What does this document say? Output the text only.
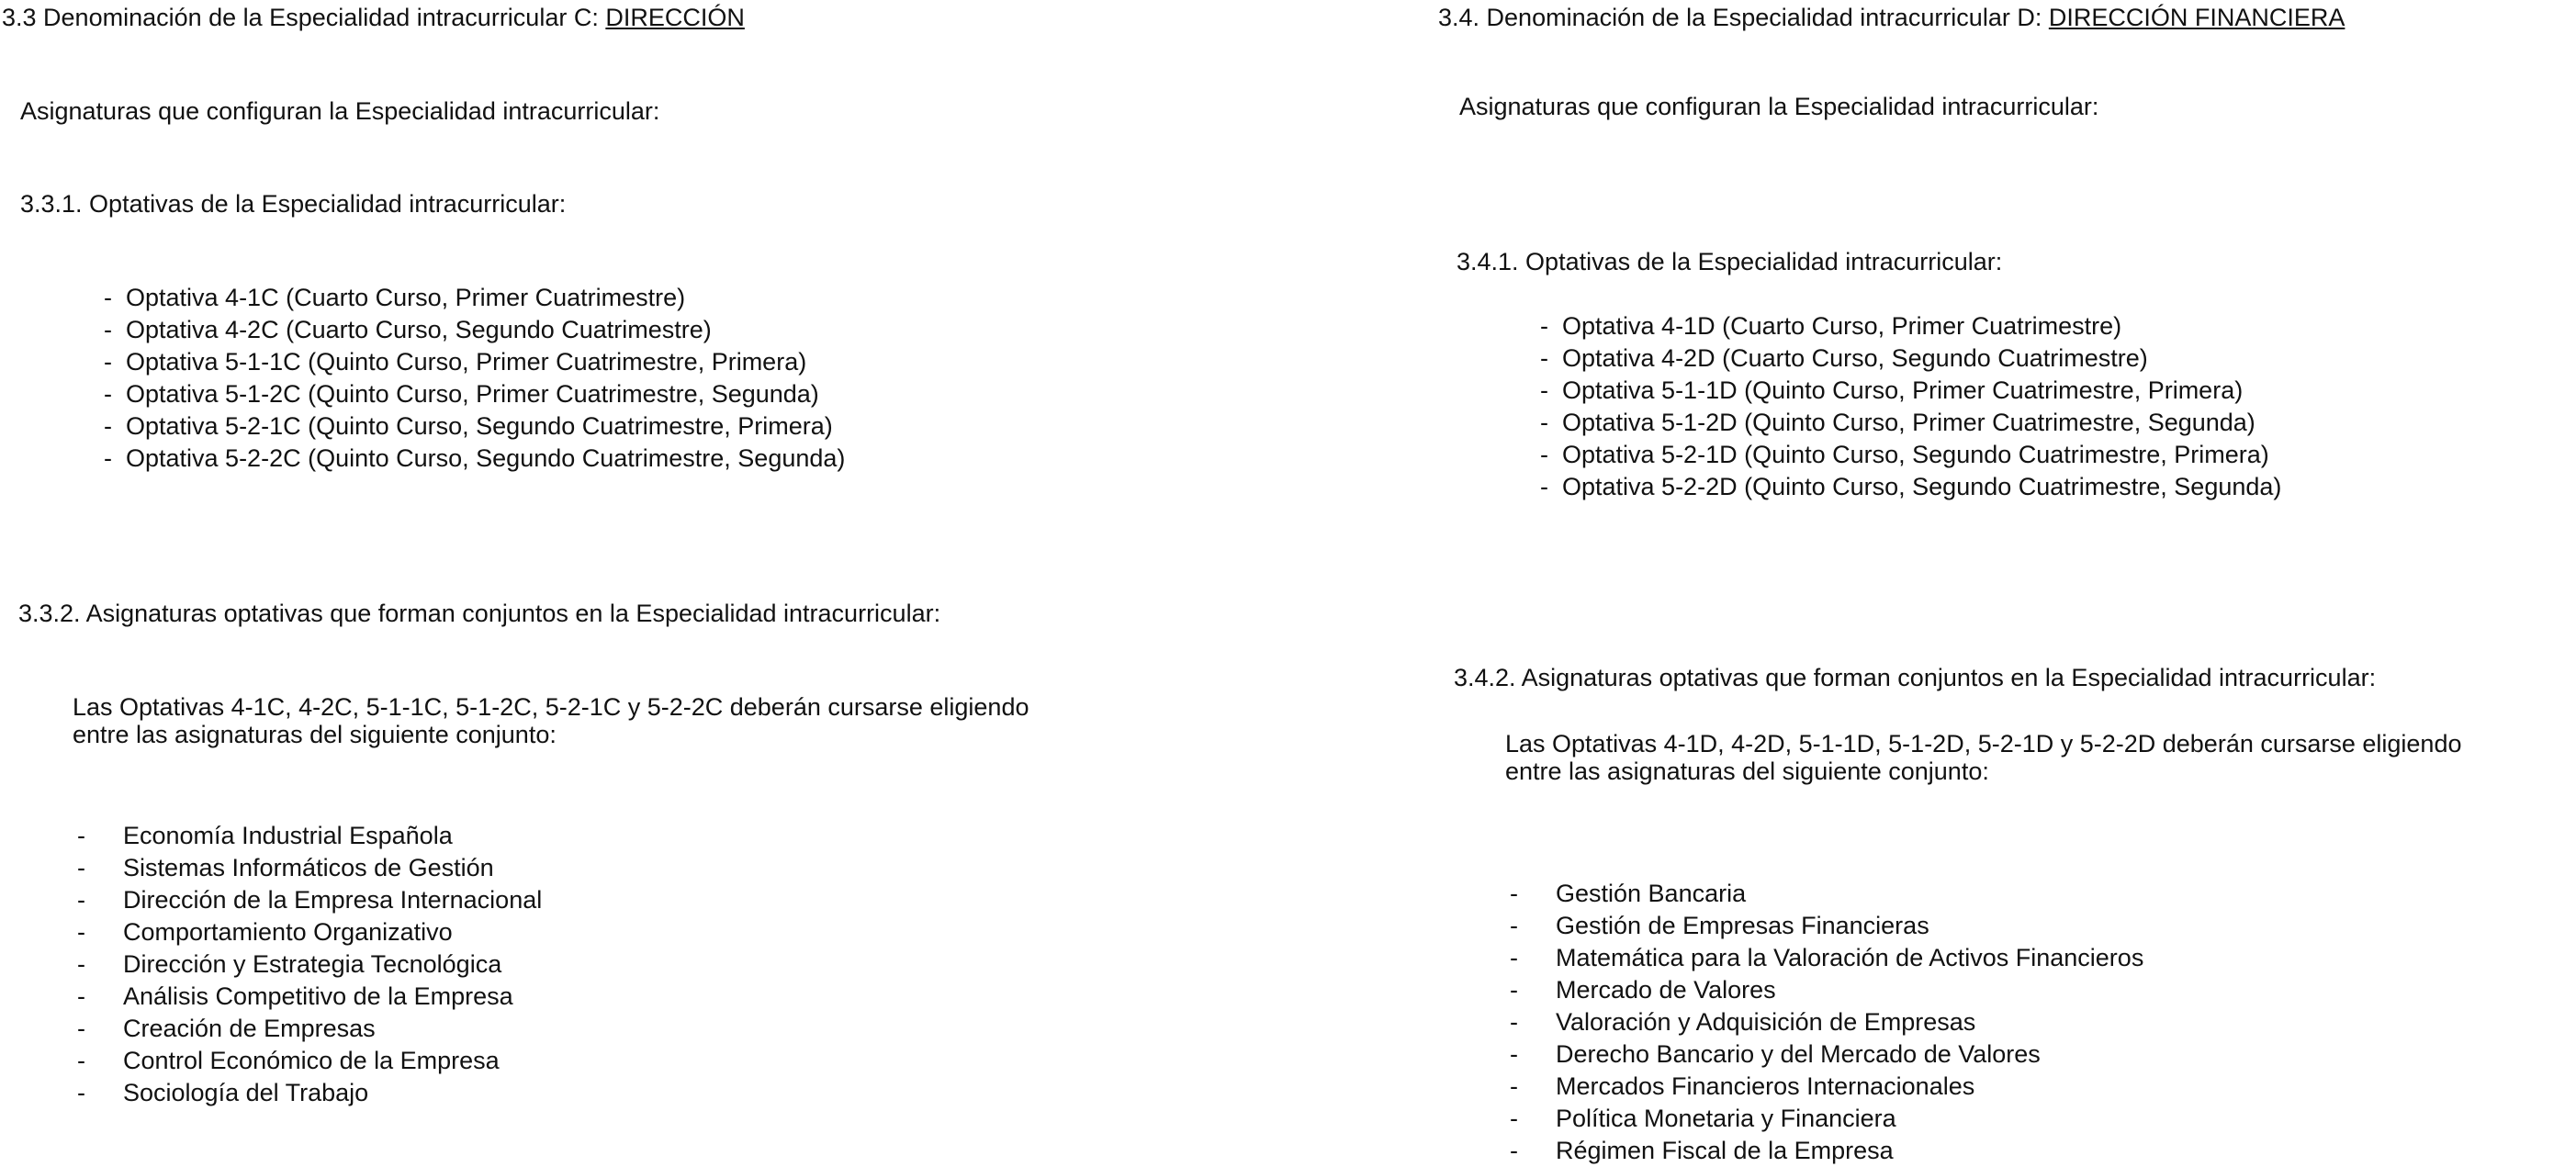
3.3 Denominación de la Especialidad intracurricular C: DIRECCIÓN
Asignaturas que configuran la Especialidad intracurricular:
3.3.1. Optativas de la Especialidad intracurricular:
- Optativa 4-1C (Cuarto Curso, Primer Cuatrimestre)
- Optativa 4-2C (Cuarto Curso, Segundo Cuatrimestre)
- Optativa 5-1-1C (Quinto Curso, Primer Cuatrimestre, Primera)
- Optativa 5-1-2C (Quinto Curso, Primer Cuatrimestre, Segunda)
- Optativa 5-2-1C (Quinto Curso, Segundo Cuatrimestre, Primera)
- Optativa 5-2-2C (Quinto Curso, Segundo Cuatrimestre, Segunda)
3.3.2. Asignaturas optativas que forman conjuntos en la Especialidad intracurricular:
Las Optativas 4-1C, 4-2C, 5-1-1C, 5-1-2C, 5-2-1C y 5-2-2C deberán cursarse eligiendo
entre las asignaturas del siguiente conjunto:
- Economía Industrial Española
- Sistemas Informáticos de Gestión
- Dirección de la Empresa Internacional
- Comportamiento Organizativo
- Dirección y Estrategia Tecnológica
- Análisis Competitivo de la Empresa
- Creación de Empresas
- Control Económico de la Empresa
- Sociología del Trabajo
3.4. Denominación de la Especialidad intracurricular D: DIRECCIÓN FINANCIERA
Asignaturas que configuran la Especialidad intracurricular:
3.4.1. Optativas de la Especialidad intracurricular:
- Optativa 4-1D (Cuarto Curso, Primer Cuatrimestre)
- Optativa 4-2D (Cuarto Curso, Segundo Cuatrimestre)
- Optativa 5-1-1D (Quinto Curso, Primer Cuatrimestre, Primera)
- Optativa 5-1-2D (Quinto Curso, Primer Cuatrimestre, Segunda)
- Optativa 5-2-1D (Quinto Curso, Segundo Cuatrimestre, Primera)
- Optativa 5-2-2D (Quinto Curso, Segundo Cuatrimestre, Segunda)
3.4.2. Asignaturas optativas que forman conjuntos en la Especialidad intracurricular:
Las Optativas 4-1D, 4-2D, 5-1-1D, 5-1-2D, 5-2-1D y 5-2-2D deberán cursarse eligiendo
entre las asignaturas del siguiente conjunto:
- Gestión Bancaria
- Gestión de Empresas Financieras
- Matemática para la Valoración de Activos Financieros
- Mercado de Valores
- Valoración y Adquisición de Empresas
- Derecho Bancario y del Mercado de Valores
- Mercados Financieros Internacionales
- Política Monetaria y Financiera
- Régimen Fiscal de la Empresa
